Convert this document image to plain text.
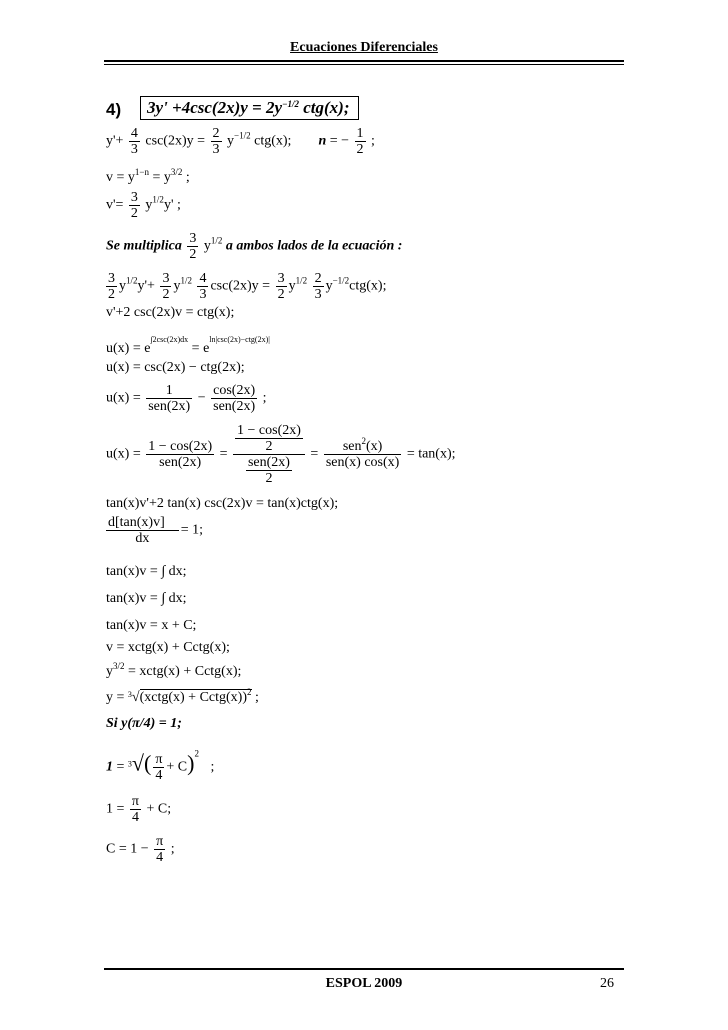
Ecuaciones Diferenciales
4)	$3y' +4\csc(2x)y = 2y^{-1/2}$ ctg(x);
$y'+ \frac{4}{3} \csc(2x)y = \frac{2}{3} y^{-1/2}$ ctg(x); n = − $\frac{1}{2}$ ;
$v = y^{1-n} = y^{3/2}$ ;
$v'= \frac{3}{2} y^{1/2}y'$ ;
Se multiplica $\frac{3}{2} y^{1/2}$ a ambos lados de la ecuación :
$\frac{3}{2} y^{1/2}y'+ \frac{3}{2} y^{1/2} \frac{4}{3} \csc(2x)y = \frac{3}{2} y^{1/2} \frac{2}{3} y^{-1/2}ctg(x)$;
v'+2 csc(2x)v = ctg(x);
$u(x) = e^{\int 2csc(2x)dx} = e^{ln|csc(2x)-ctg(2x)|}$
u(x) = csc(2x) − ctg(2x);
$u(x) = \frac{1}{\text{sen(2x)}} - \frac{\cos(2x)}{\text{sen(2x)}}$ ;
$u(x) = \frac{1 - \cos(2x)}{\text{sen(2x)}} = \frac{\frac{1 - \cos(2x)}{2}}{\frac{\text{sen(2x)}}{2}} = \frac{sen^2(x)}{\text{sen(x) cos(x)}} = \tan(x)$;
tan(x)v'+2 tan(x) csc(2x)v = tan(x)ctg(x);
$\frac{d[\tan(x)v]}{dx} = 1$;
tan(x)v = ∫ dx;
tan(x)v = ∫ dx;
tan(x)v = x + C;
v = xctg(x) + Cctg(x);
$y^{3/2}$ = xctg(x) + Cctg(x);
y = $^3$√(xctg(x) + Cctg(x))$^2$ ;
Si y(π/4) = 1;
$1 = ^3√( \frac{\pi}{4} + C)^2$ ;
$1 = \frac{\pi}{4} + C$;
$C = 1 - \frac{\pi}{4}$ ;
ESPOL 2009	26
